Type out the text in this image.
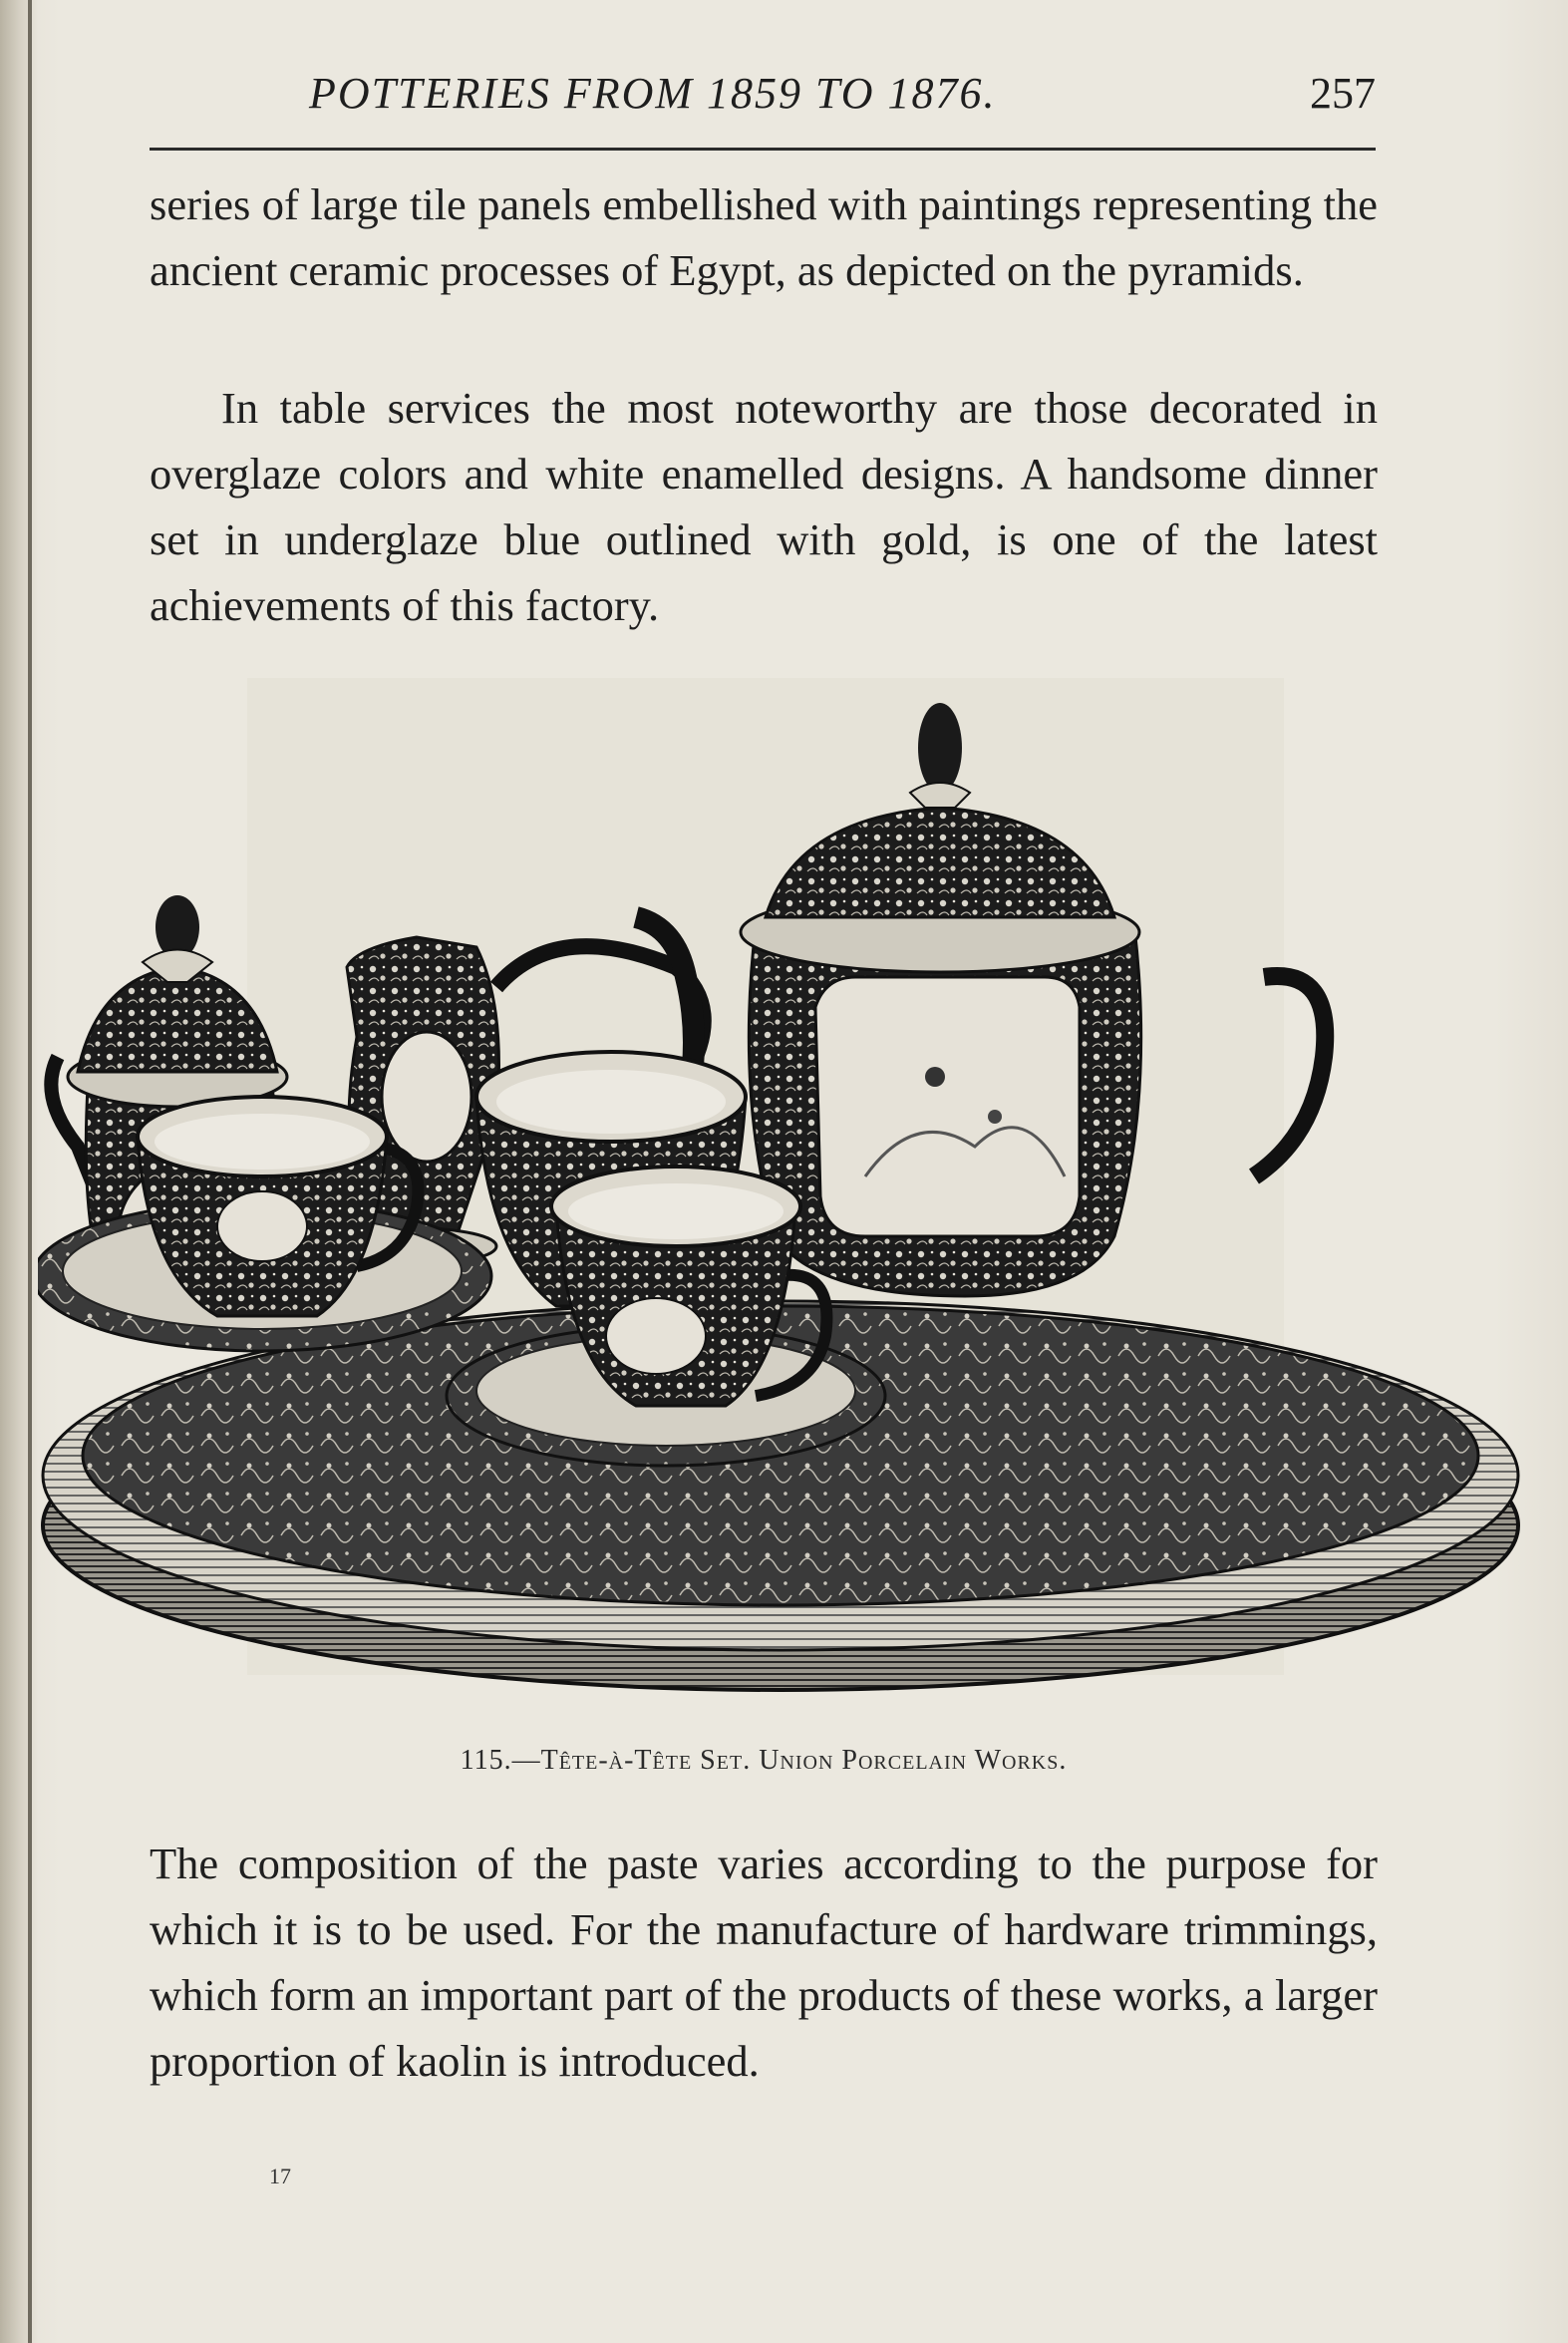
POTTERIES FROM 1859 TO 1876.	257

series of large tile panels embellished with paintings representing the ancient ceramic processes of Egypt, as depicted on the pyramids.

In table services the most noteworthy are those decorated in overglaze colors and white enamelled designs. A handsome dinner set in underglaze blue outlined with gold, is one of the latest achievements of this factory.

115.—Tête-à-Tête Set. Union Porcelain Works.

The composition of the paste varies according to the purpose for which it is to be used. For the manufacture of hardware trimmings, which form an important part of the products of these works, a larger proportion of kaolin is introduced.

17
